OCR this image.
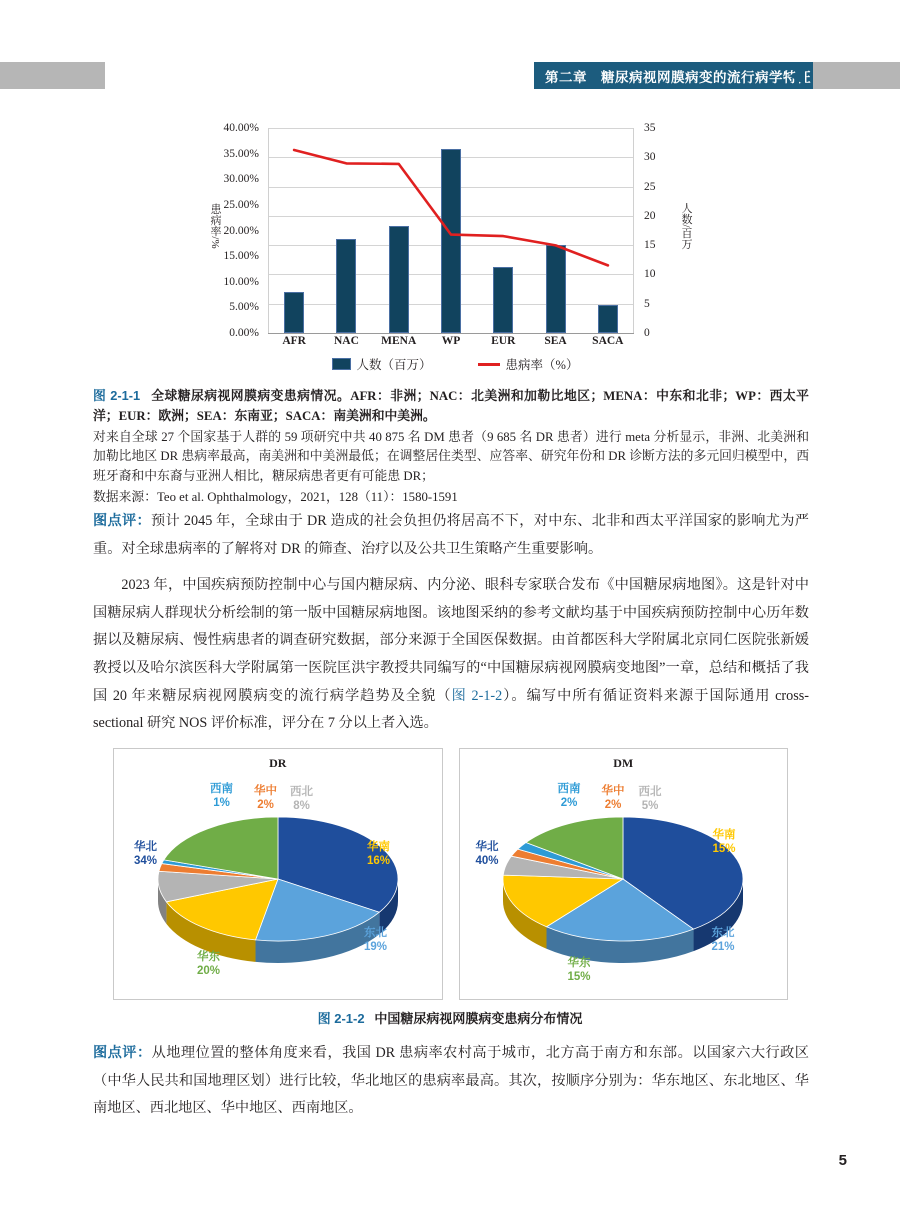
第二章　糖尿病视网膜病变的流行病学特征
0.00%
5.00%
10.00%
15.00%
20.00%
25.00%
30.00%
35.00%
40.00%
0
5
10
15
20
25
30
35
患病率/%	人数/百万
AFR	NAC	MENA	WP	EUR	SEA	SACA
人数（百万）	患病率（%）
图 2-1-1 全球糖尿病视网膜病变患病情况。AFR：非洲；NAC：北美洲和加勒比地区；MENA：中东和北非；WP：西太平洋；EUR：欧洲；SEA：东南亚；SACA：南美洲和中美洲。
对来自全球 27 个国家基于人群的 59 项研究中共 40 875 名 DM 患者（9 685 名 DR 患者）进行 meta 分析显示，非洲、北美洲和加勒比地区 DR 患病率最高，南美洲和中美洲最低；在调整居住类型、应答率、研究年份和 DR 诊断方法的多元回归模型中，西班牙裔和中东裔与亚洲人相比，糖尿病患者更有可能患 DR；
数据来源：Teo et al. Ophthalmology，2021，128（11）：1580-1591
图点评：预计 2045 年，全球由于 DR 造成的社会负担仍将居高不下，对中东、北非和西太平洋国家的影响尤为严重。对全球患病率的了解将对 DR 的筛查、治疗以及公共卫生策略产生重要影响。
2023 年，中国疾病预防控制中心与国内糖尿病、内分泌、眼科专家联合发布《中国糖尿病地图》。这是针对中国糖尿病人群现状分析绘制的第一版中国糖尿病地图。该地图采纳的参考文献均基于中国疾病预防控制中心历年数据以及糖尿病、慢性病患者的调查研究数据，部分来源于全国医保数据。由首都医科大学附属北京同仁医院张新媛教授以及哈尔滨医科大学附属第一医院匡洪宇教授共同编写的“中国糖尿病视网膜病变地图”一章，总结和概括了我国 20 年来糖尿病视网膜病变的流行病学趋势及全貌（图 2-1-2）。编写中所有循证资料来源于国际通用 cross-sectional 研究 NOS 评价标准，评分在 7 分以上者入选。
DR
华北
34%
东北
19%
华南
16%
西北
8%
华中
2%
西南
1%
华东
20%
DM
华北
40%
东北
21%
华南
15%
西北
5%
华中
2%
西南
2%
华东
15%
图 2-1-2 中国糖尿病视网膜病变患病分布情况
图点评：从地理位置的整体角度来看，我国 DR 患病率农村高于城市，北方高于南方和东部。以国家六大行政区（中华人民共和国地理区划）进行比较，华北地区的患病率最高。其次，按顺序分别为：华东地区、东北地区、华南地区、西北地区、华中地区、西南地区。
5
